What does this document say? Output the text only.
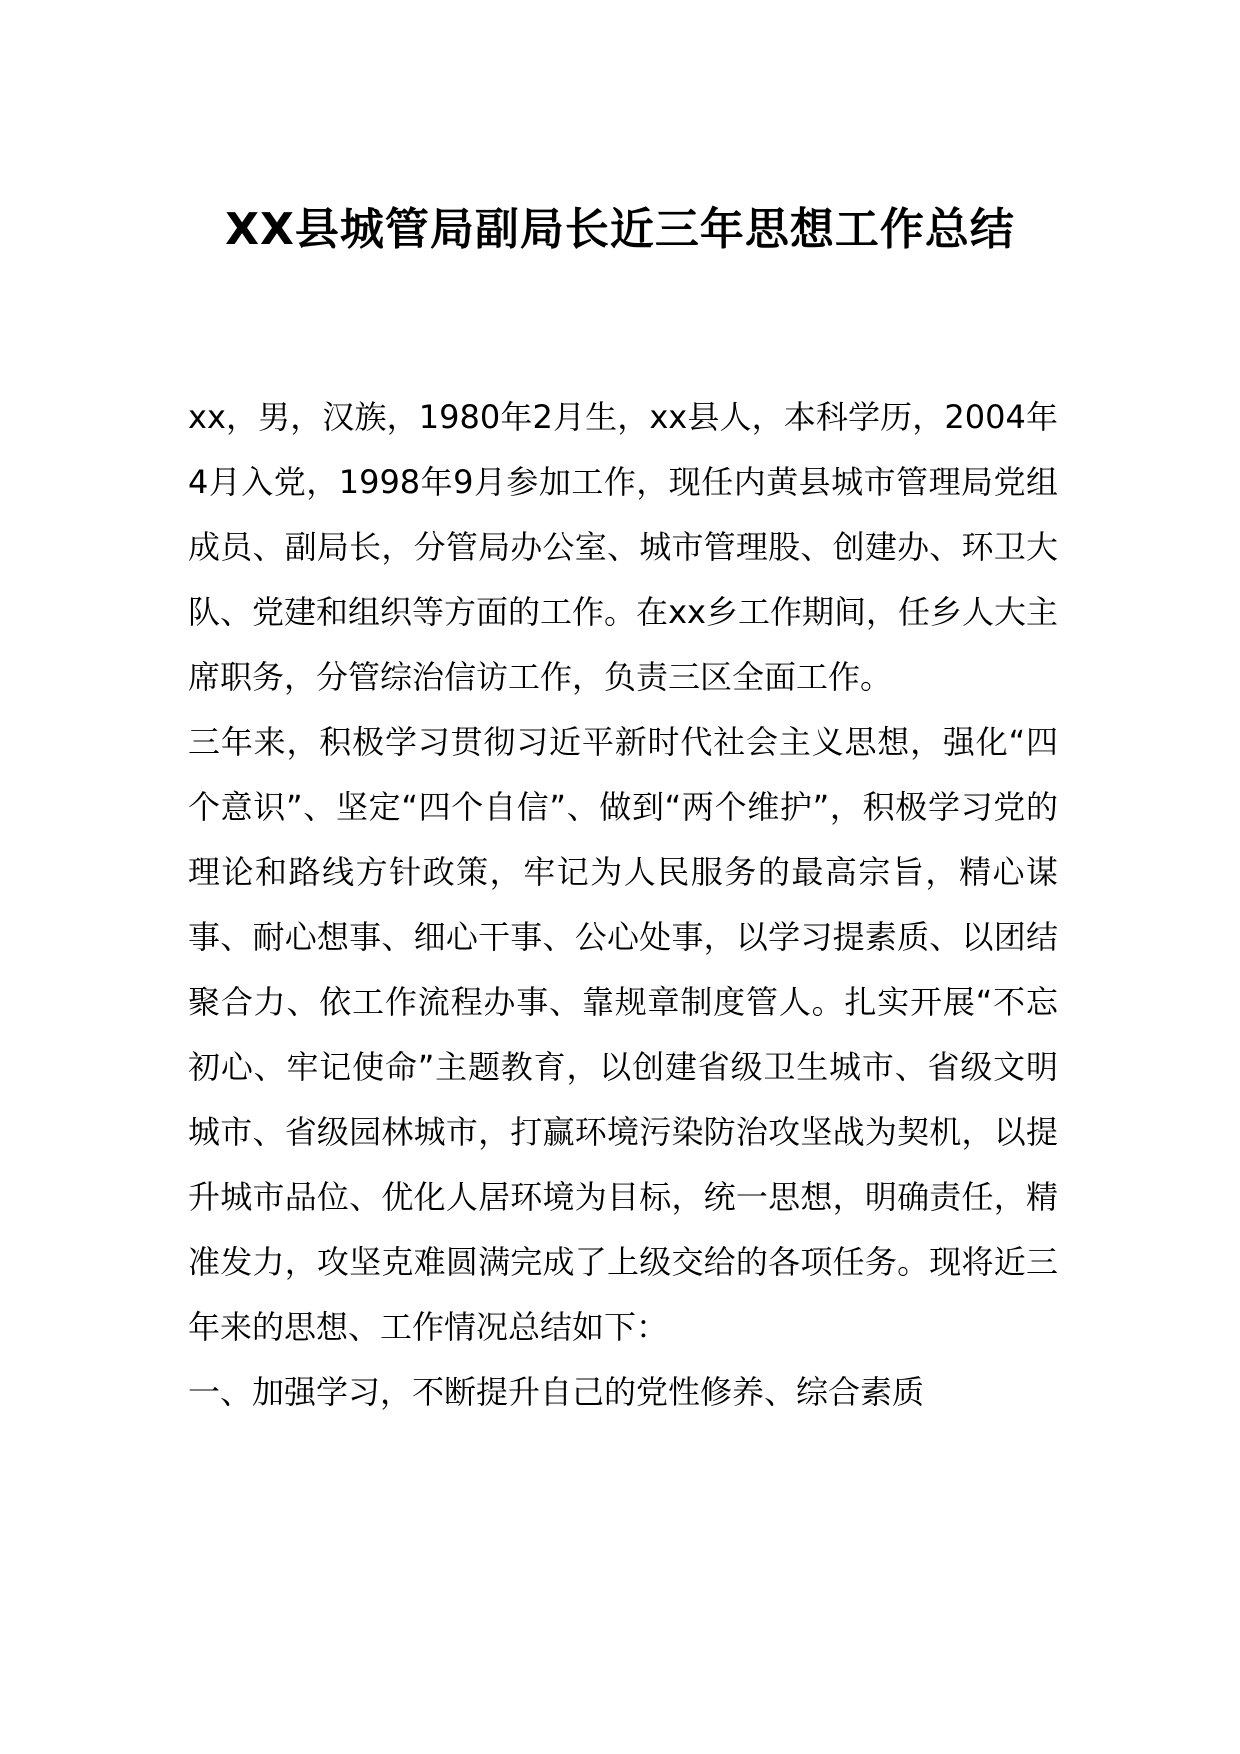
XX县城管局副局长近三年思想工作总结

xx，男，汉族，1980年2月生，xx县人，本科学历，2004年4月入党，1998年9月参加工作，现任内黄县城市管理局党组成员、副局长，分管局办公室、城市管理股、创建办、环卫大队、党建和组织等方面的工作。在xx乡工作期间，任乡人大主席职务，分管综治信访工作，负责三区全面工作。

三年来，积极学习贯彻习近平新时代社会主义思想，强化“四个意识”、坚定“四个自信”、做到“两个维护”，积极学习党的理论和路线方针政策，牢记为人民服务的最高宗旨，精心谋事、耐心想事、细心干事、公心处事，以学习提素质、以团结聚合力、依工作流程办事、靠规章制度管人。扎实开展“不忘初心、牢记使命”主题教育，以创建省级卫生城市、省级文明城市、省级园林城市，打赢环境污染防治攻坚战为契机，以提升城市品位、优化人居环境为目标，统一思想，明确责任，精准发力，攻坚克难圆满完成了上级交给的各项任务。现将近三年来的思想、工作情况总结如下：

一、加强学习，不断提升自己的党性修养、综合素质
